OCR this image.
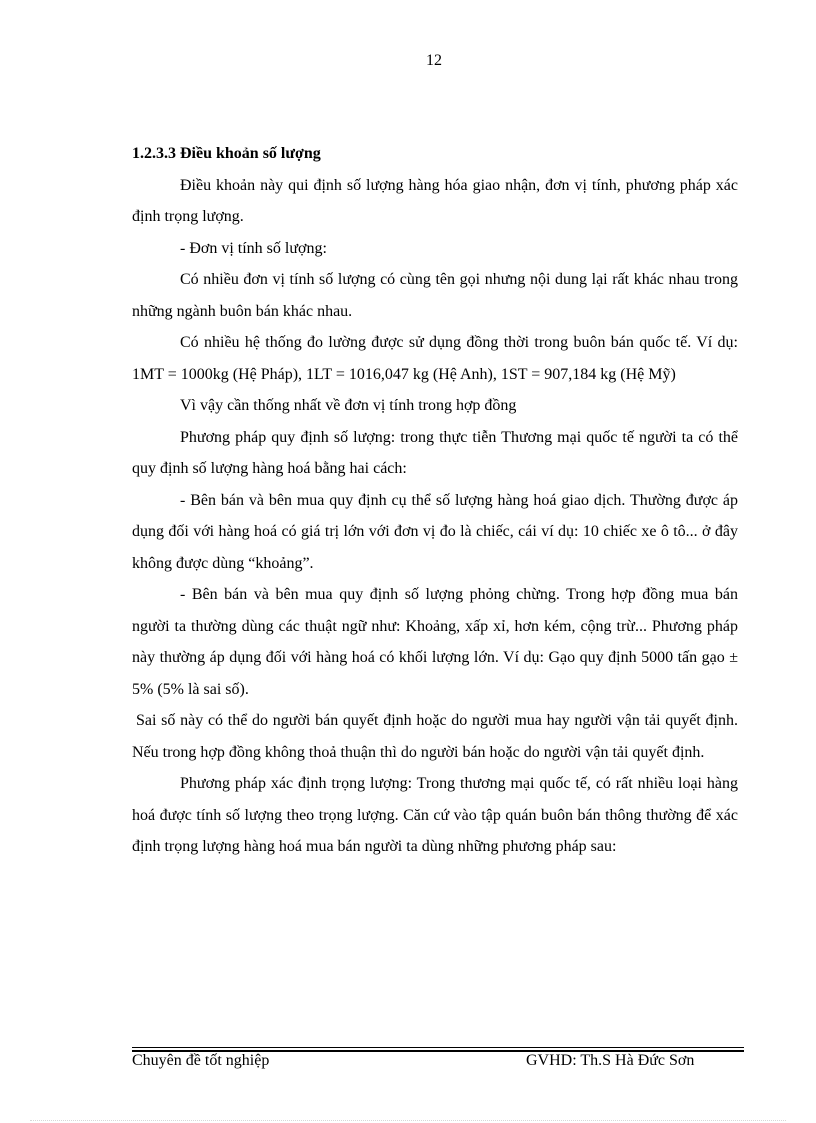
12

1.2.3.3 Điều khoản số lượng

Điều khoản này qui định số lượng hàng hóa giao nhận, đơn vị tính, phương pháp xác định trọng lượng.

- Đơn vị tính số lượng:

Có nhiều đơn vị tính số lượng có cùng tên gọi nhưng nội dung lại rất khác nhau trong những ngành buôn bán khác nhau.

Có nhiều hệ thống đo lường được sử dụng đồng thời trong buôn bán quốc tế. Ví dụ: 1MT = 1000kg (Hệ Pháp), 1LT = 1016,047 kg (Hệ Anh), 1ST = 907,184 kg (Hệ Mỹ)

Vì vậy cần thống nhất về đơn vị tính trong hợp đồng

Phương pháp quy định số lượng: trong thực tiễn Thương mại quốc tế người ta có thể quy định số lượng hàng hoá bằng hai cách:

- Bên bán và bên mua quy định cụ thể số lượng hàng hoá giao dịch. Thường được áp dụng đối với hàng hoá có giá trị lớn với đơn vị đo là chiếc, cái ví dụ: 10 chiếc xe ô tô... ở đây không được dùng “khoảng”.

- Bên bán và bên mua quy định số lượng phỏng chừng. Trong hợp đồng mua bán người ta thường dùng các thuật ngữ như: Khoảng, xấp xỉ, hơn kém, cộng trừ... Phương pháp này thường áp dụng đối với hàng hoá có khối lượng lớn. Ví dụ: Gạo quy định 5000 tấn gạo ± 5% (5% là sai số).

Sai số này có thể do người bán quyết định hoặc do người mua hay người vận tải quyết định. Nếu trong hợp đồng không thoả thuận thì do người bán hoặc do người vận tải quyết định.

Phương pháp xác định trọng lượng: Trong thương mại quốc tế, có rất nhiều loại hàng hoá được tính số lượng theo trọng lượng. Căn cứ vào tập quán buôn bán thông thường để xác định trọng lượng hàng hoá mua bán người ta dùng những phương pháp sau:

Chuyên đề tốt nghiệp	GVHD: Th.S Hà Đức Sơn
